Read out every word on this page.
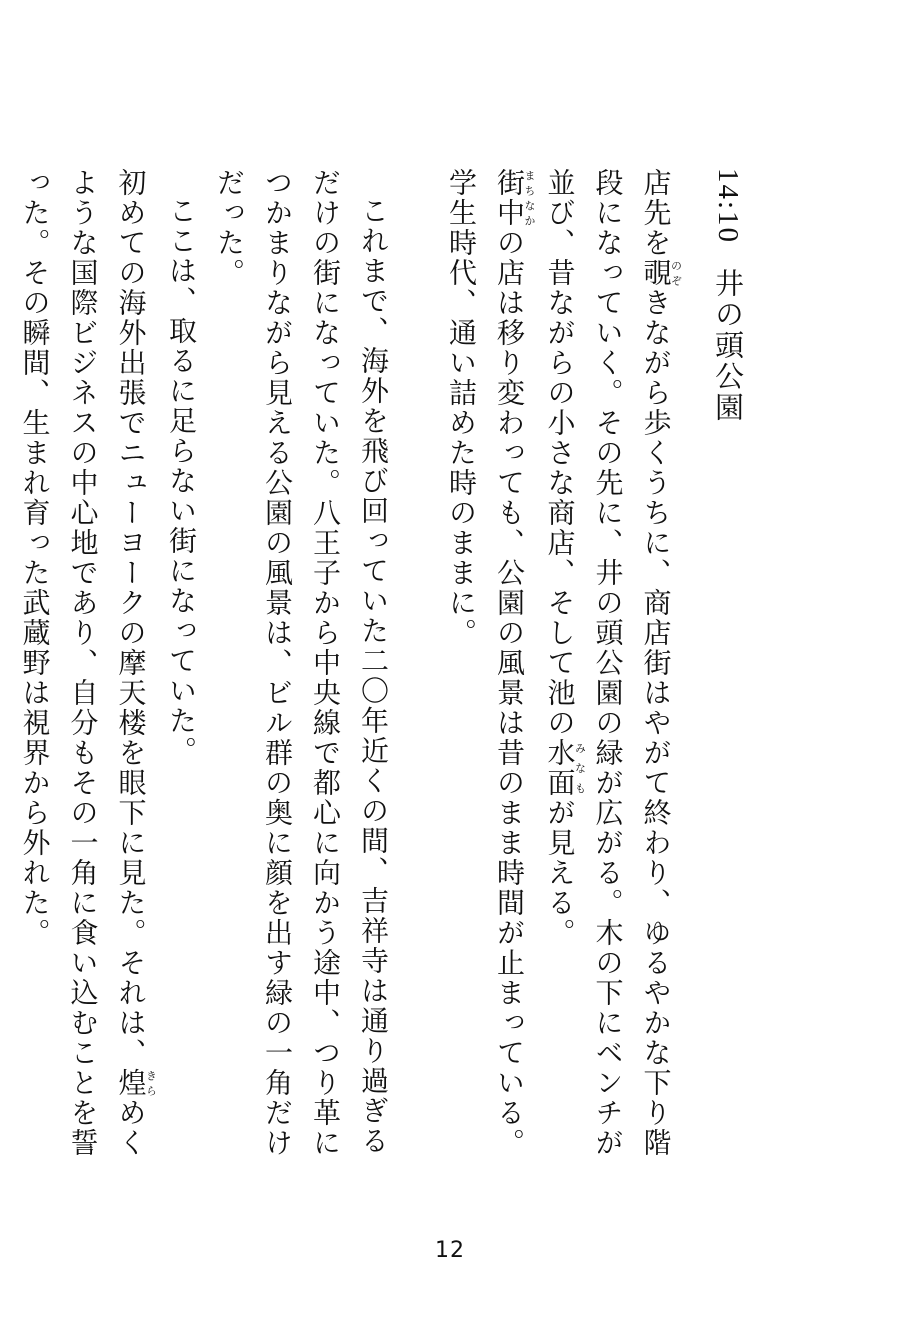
14:10井の頭公園

店先を覗のぞきながら歩くうちに、商店街はやがて終わり、ゆるやかな下り階段になっていく。その先に、井の頭公園の緑が広がる。木の下にベンチが並び、昔ながらの小さな商店、そして池の水面みなもが見える。

街中まちなかの店は移り変わっても、公園の風景は昔のまま時間が止まっている。学生時代、通い詰めた時のままに。

これまで、海外を飛び回っていた二〇年近くの間、吉祥寺は通り過ぎるだけの街になっていた。八王子から中央線で都心に向かう途中、つり革につかまりながら見える公園の風景は、ビル群の奥に顔を出す緑の一角だけだった。

ここは、取るに足らない街になっていた。

初めての海外出張でニューヨークの摩天楼を眼下に見た。それは、煌きらめくような国際ビジネスの中心地であり、自分もその一角に食い込むことを誓った。その瞬間、生まれ育った武蔵野は視界から外れた。

12
